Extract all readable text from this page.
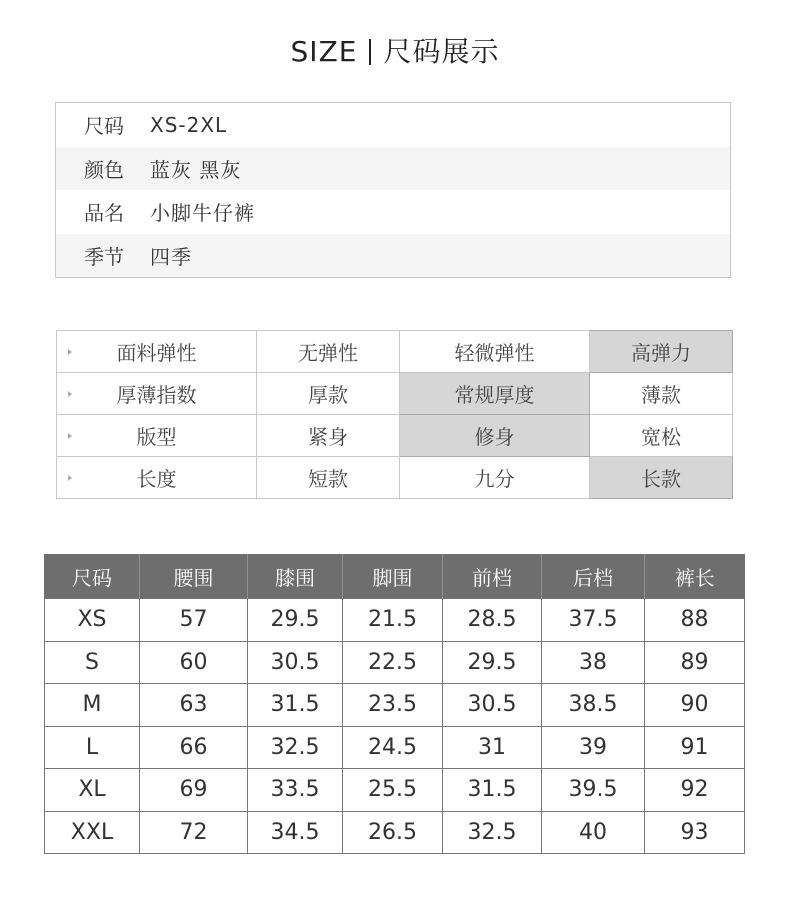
SIZE 尺码展示
尺码	XS-2XL
颜色	蓝灰 黑灰
品名	小脚牛仔裤
季节	四季
面料弹性	无弹性	轻微弹性	高弹力

厚薄指数	厚款	常规厚度	薄款

版型	紧身	修身	宽松

长度	短款	九分	长款
尺码	腰围	膝围	脚围	前档	后档	裤长
XS	57	29.5	21.5	28.5	37.5	88
S	60	30.5	22.5	29.5	38	89
M	63	31.5	23.5	30.5	38.5	90
L	66	32.5	24.5	31	39	91
XL	69	33.5	25.5	31.5	39.5	92
XXL	72	34.5	26.5	32.5	40	93
